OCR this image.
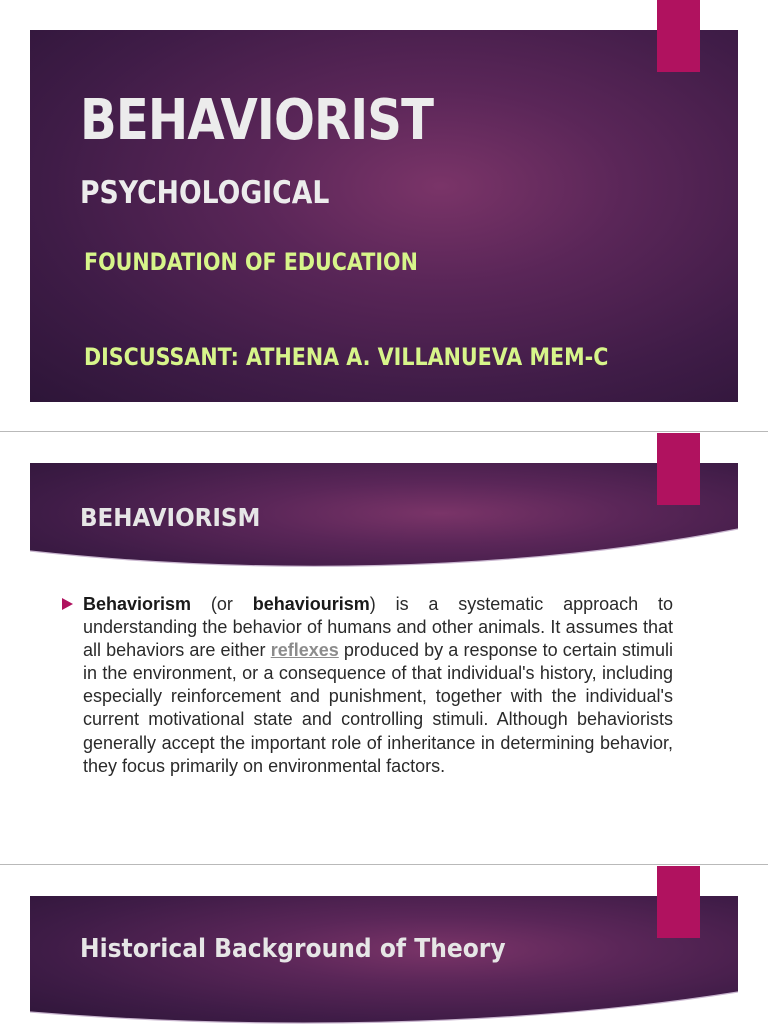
BEHAVIORIST
PSYCHOLOGICAL

FOUNDATION OF EDUCATION

DISCUSSANT: ATHENA A. VILLANUEVA MEM-C

BEHAVIORISM

Behaviorism (or behaviourism) is a systematic approach to understanding the behavior of humans and other animals. It assumes that all behaviors are either reflexes produced by a response to certain stimuli in the environment, or a consequence of that individual's history, including especially reinforcement and punishment, together with the individual's current motivational state and controlling stimuli. Although behaviorists generally accept the important role of inheritance in determining behavior, they focus primarily on environmental factors.

Historical Background of Theory
